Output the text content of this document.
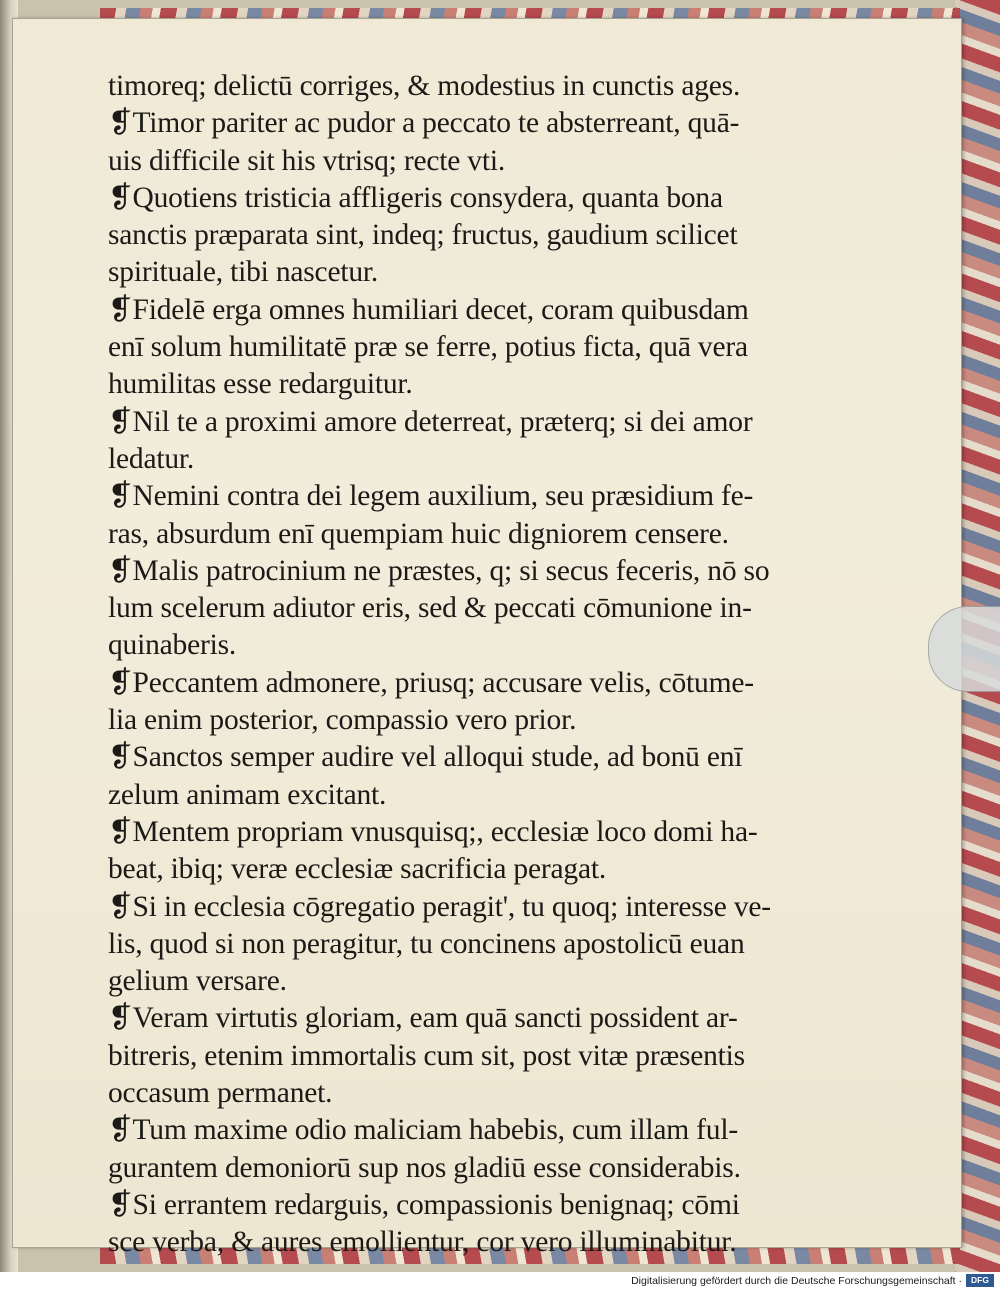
timoreq; delictū corriges, & modestius in cunctis ages.
❡Timor pariter ac pudor a peccato te absterreant, quā-
uis difficile sit his vtrisq; recte vti.
❡Quotiens tristicia affligeris consydera, quanta bona
sanctis præparata sint, indeq; fructus, gaudium scilicet
spirituale, tibi nascetur.
❡Fidelē erga omnes humiliari decet, coram quibusdam
enī solum humilitatē præ se ferre, potius ficta, quā vera
humilitas esse redarguitur.
❡Nil te a proximi amore deterreat, præterq; si dei amor
ledatur.
❡Nemini contra dei legem auxilium, seu præsidium fe-
ras, absurdum enī quempiam huic digniorem censere.
❡Malis patrocinium ne præstes, q; si secus feceris, nō so
lum scelerum adiutor eris, sed & peccati cōmunione in-
quinaberis.
❡Peccantem admonere, priusq; accusare velis, cōtume-
lia enim posterior, compassio vero prior.
❡Sanctos semper audire vel alloqui stude, ad bonū enī
zelum animam excitant.
❡Mentem propriam vnusquisq;, ecclesiæ loco domi ha-
beat, ibiq; veræ ecclesiæ sacrificia peragat.
❡Si in ecclesia cōgregatio peragit', tu quoq; interesse ve-
lis, quod si non peragitur, tu concinens apostolicū euan
gelium versare.
❡Veram virtutis gloriam, eam quā sancti possident ar-
bitreris, etenim immortalis cum sit, post vitæ præsentis
occasum permanet.
❡Tum maxime odio maliciam habebis, cum illam ful-
gurantem demoniorū sup nos gladiū esse considerabis.
❡Si errantem redarguis, compassionis benignaq; cōmi
sce verba, & aures emollientur, cor vero illuminabitur.
Digitalisierung gefördert durch die Deutsche Forschungsgemeinschaft ·	DFG
